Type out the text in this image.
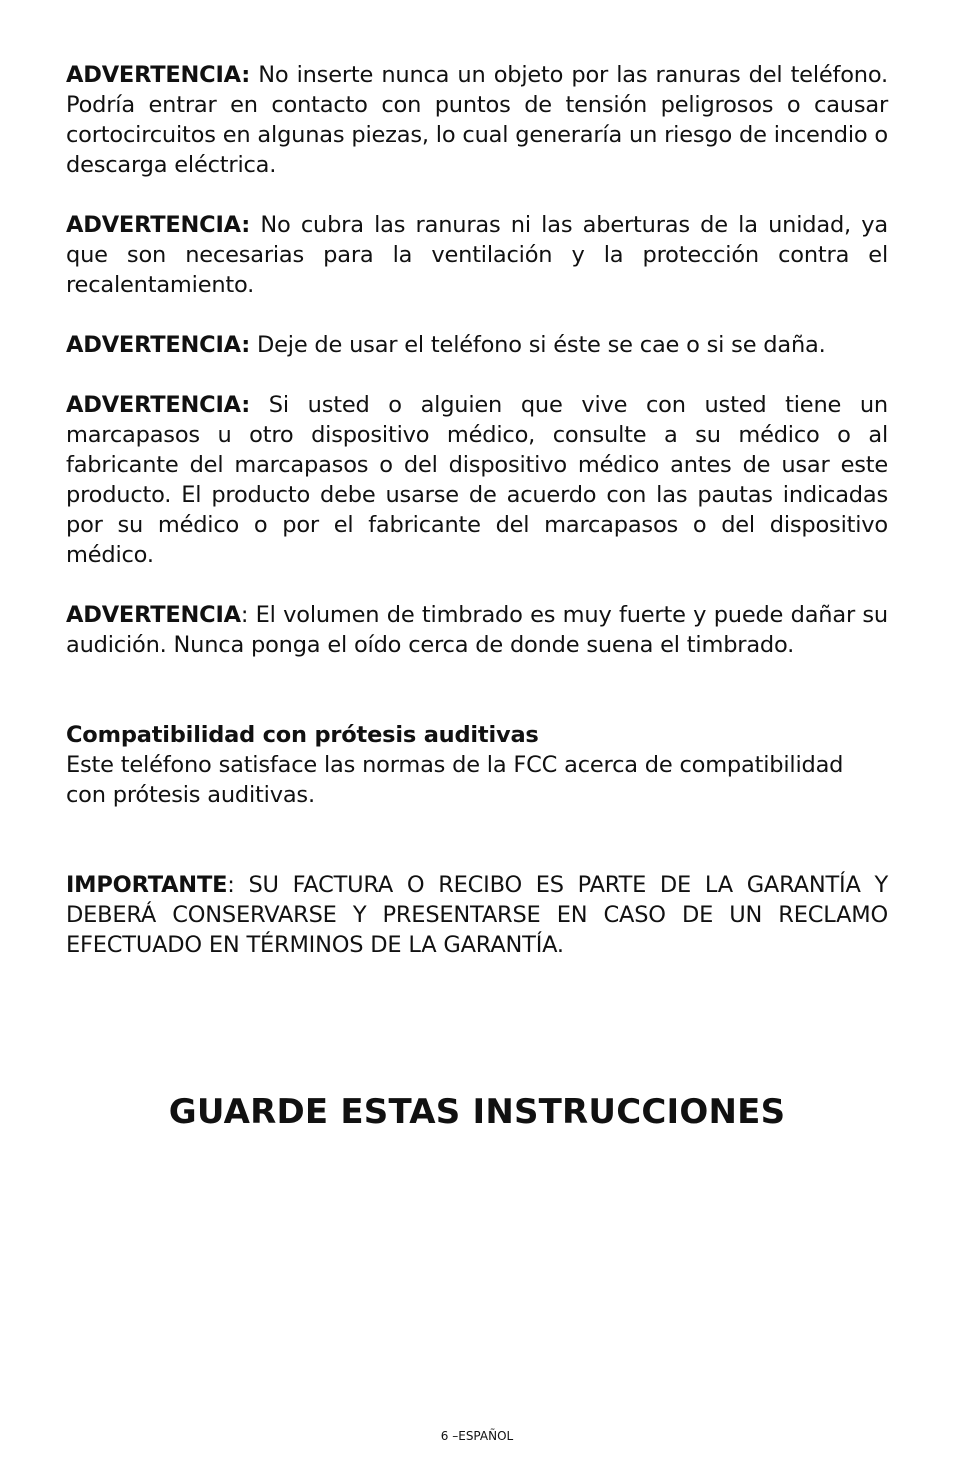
ADVERTENCIA: No inserte nunca un objeto por las ranuras del teléfono. Podría entrar en contacto con puntos de tensión peligrosos o causar cortocircuitos en algunas piezas, lo cual generaría un riesgo de incendio o descarga eléctrica.

ADVERTENCIA: No cubra las ranuras ni las aberturas de la unidad, ya que son necesarias para la ventilación y la protección contra el recalentamiento.

ADVERTENCIA: Deje de usar el teléfono si éste se cae o si se daña.

ADVERTENCIA: Si usted o alguien que vive con usted tiene un marcapasos u otro dispositivo médico, consulte a su médico o al fabricante del marcapasos o del dispositivo médico antes de usar este producto. El producto debe usarse de acuerdo con las pautas indicadas por su médico o por el fabricante del marcapasos o del dispositivo médico.

ADVERTENCIA: El volumen de timbrado es muy fuerte y puede dañar su audición. Nunca ponga el oído cerca de donde suena el timbrado.

Compatibilidad con prótesis auditivas

Este teléfono satisface las normas de la FCC acerca de compatibilidad con prótesis auditivas.

IMPORTANTE: SU FACTURA O RECIBO ES PARTE DE LA GARANTÍA Y DEBERÁ CONSERVARSE Y PRESENTARSE EN CASO DE UN RECLAMO EFECTUADO EN TÉRMINOS DE LA GARANTÍA.

GUARDE ESTAS INSTRUCCIONES
6 –ESPAÑOL
